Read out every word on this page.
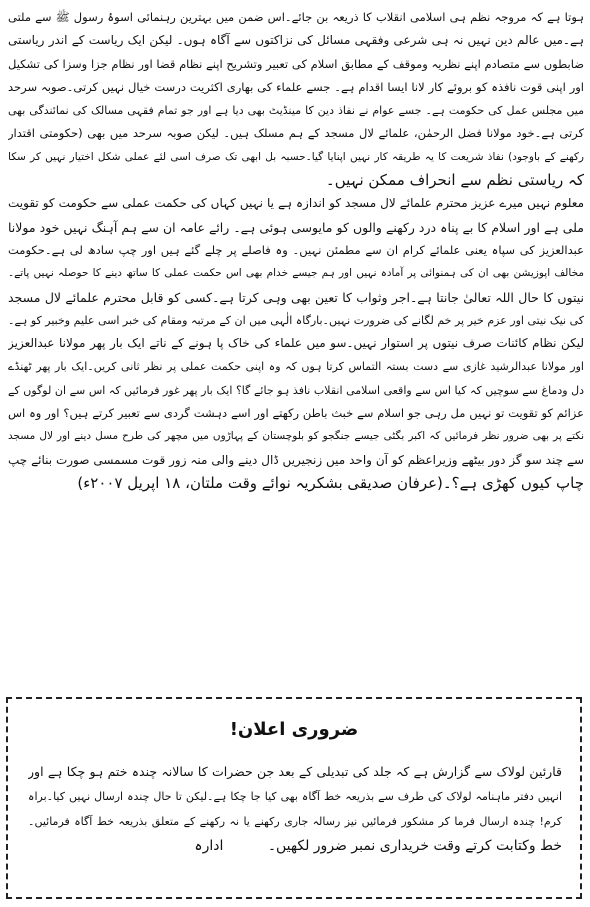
ہوتا ہے کہ مروجہ نظم ہی اسلامی انقلاب کا ذریعہ بن جائے۔اس ضمن میں بہترین رہنمائی اسوۂ رسول ﷺ سے ملتی
ہے۔میں عالم دین نہیں نہ ہی شرعی وفقہی مسائل کی نزاکتوں سے آگاہ ہوں۔ لیکن ایک ریاست کے اندر ریاستی
ضابطوں سے متصادم اپنے نظریہ وموقف کے مطابق اسلام کی تعبیر وتشریح اپنے نظام قضا اور نظام جزا وسزا کی تشکیل
اور اپنی قوت نافذہ کو بروئے کار لانا ایسا اقدام ہے۔ جسے علماء کی بھاری اکثریت درست خیال نہیں کرتی۔صوبہ سرحد
میں مجلس عمل کی حکومت ہے۔ جسے عوام نے نفاذ دین کا مینڈیٹ بھی دیا ہے اور جو تمام فقہی مسالک کی نمائندگی بھی
کرتی ہے۔خود مولانا فضل الرحمٰن، علمائے لال مسجد کے ہم مسلک ہیں۔ لیکن صوبہ سرحد میں بھی (حکومتی اقتدار
رکھنے کے باوجود) نفاذ شریعت کا یہ طریقہ کار نہیں اپنایا گیا۔حسبہ بل ابھی تک صرف اسی لئے عملی شکل اختیار نہیں کر سکا
کہ ریاستی نظم سے انحراف ممکن نہیں۔
معلوم نہیں میرے عزیز محترم علمائے لال مسجد کو اندازہ ہے یا نہیں کہاں کی حکمت عملی سے حکومت کو تقویت
ملی ہے اور اسلام کا بے پناہ درد رکھنے والوں کو مایوسی ہوئی ہے۔ رائے عامہ ان سے ہم آہنگ نہیں خود مولانا
عبدالعزیز کی سپاہ یعنی علمائے کرام ان سے مطمئن نہیں۔ وہ فاصلے پر چلے گئے ہیں اور چپ سادھ لی ہے۔حکومت
مخالف اپوزیشن بھی ان کی ہمنوائی پر آمادہ نہیں اور ہم جیسے خدام بھی اس حکمت عملی کا ساتھ دینے کا حوصلہ نہیں پاتے۔
نیتوں کا حال اللہ تعالیٰ جانتا ہے۔اجر وثواب کا تعین بھی وہی کرتا ہے۔کسی کو قابل محترم علمائے لال مسجد
کی نیک نیتی اور عزم خیر پر خم لگانے کی ضرورت نہیں۔بارگاہ الٰہی میں ان کے مرتبہ ومقام کی خبر اسی علیم وخبیر کو ہے۔
لیکن نظام کائنات صرف نیتوں پر استوار نہیں۔سو میں علماء کی خاک پا ہونے کے ناتے ایک بار پھر مولانا عبدالعزیز
اور مولانا عبدالرشید غازی سے دست بستہ التماس کرتا ہوں کہ وہ اپنی حکمت عملی پر نظر ثانی کریں۔ایک بار پھر ٹھنڈے
دل ودماغ سے سوچیں کہ کیا اس سے واقعی اسلامی انقلاب نافذ ہو جائے گا؟ ایک بار پھر غور فرمائیں کہ اس سے ان لوگوں کے
عزائم کو تقویت تو نہیں مل رہی جو اسلام سے خبث باطن رکھتے اور اسے دہشت گردی سے تعبیر کرتے ہیں؟ اور وہ اس
نکتے پر بھی ضرور نظر فرمائیں کہ اکبر بگٹی جیسے جنگجو کو بلوچستان کے پہاڑوں میں مچھر کی طرح مسل دینے اور لال مسجد
سے چند سو گز دور بیٹھے وزیراعظم کو آن واحد میں زنجیریں ڈال دینے والی منہ زور قوت مسمسی صورت بنائے چپ
چاپ کیوں کھڑی ہے؟۔(عرفان صدیقی بشکریہ نوائے وقت ملتان، ۱۸ اپریل ۲۰۰۷ء)
ضروری اعلان!
قارئین لولاک سے گزارش ہے کہ جلد کی تبدیلی کے بعد جن حضرات کا سالانہ چندہ ختم ہو چکا ہے اور
انہیں دفتر ماہنامہ لولاک کی طرف سے بذریعہ خط آگاہ بھی کیا جا چکا ہے۔لیکن تا حال چندہ ارسال نہیں کیا۔براہ
کرم! چندہ ارسال فرما کر مشکور فرمائیں نیز رسالہ جاری رکھنے یا نہ رکھنے کے متعلق بذریعہ خط آگاہ فرمائیں۔
خط وکتابت کرتے وقت خریداری نمبر ضرور لکھیں۔ ادارہ
